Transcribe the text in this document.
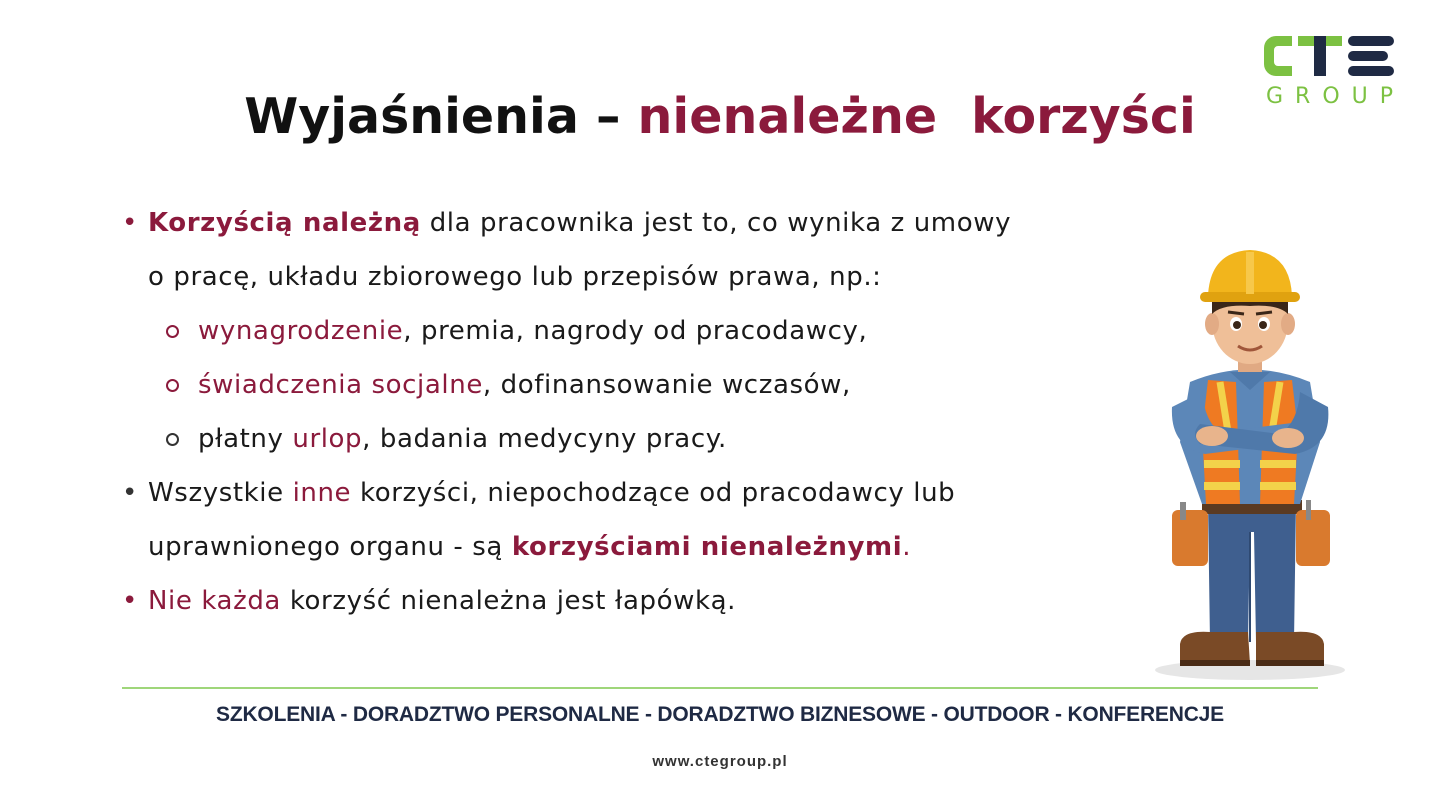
GROUP
Wyjaśnienia – nienależne  korzyści
• Korzyścią należną dla pracownika jest to, co wynika z umowy
o pracę, układu zbiorowego lub przepisów prawa, np.:
wynagrodzenie, premia, nagrody od pracodawcy,
świadczenia socjalne, dofinansowanie wczasów,
płatny urlop, badania medycyny pracy.
• Wszystkie inne korzyści, niepochodzące od pracodawcy lub
uprawnionego organu - są korzyściami nienależnymi.
• Nie każda korzyść nienależna jest łapówką.
SZKOLENIA - DORADZTWO PERSONALNE - DORADZTWO BIZNESOWE - OUTDOOR - KONFERENCJE
www.ctegroup.pl
